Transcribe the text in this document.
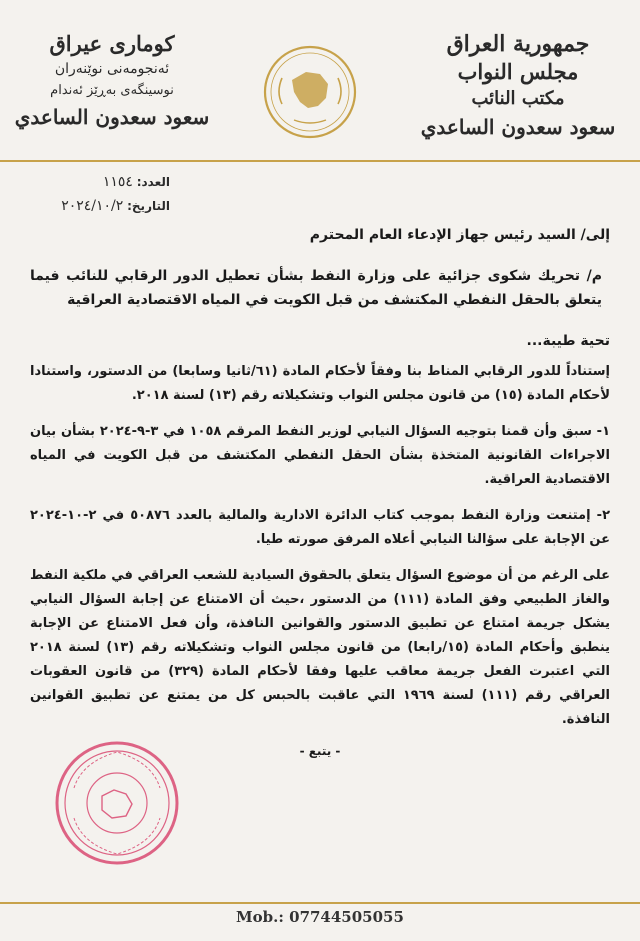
جمهورية العراق
مجلس النواب
مكتب النائب
سعود سعدون الساعدي
كوماری عیراق
ئه‌نجومه‌نی نوێنه‌ران
نوسینگه‌ی به‌ڕێز ئه‌ندام
سعود سعدون الساعدي
العدد: ١١٥٤
التاريخ: ٢٠٢٤/١٠/٢
إلى/ السيد رئيس جهاز الإدعاء العام المحترم
م/ تحريك شكوى جزائية على وزارة النفط بشأن تعطيل الدور الرقابي للنائب فيما يتعلق بالحقل النفطي المكتشف من قبل الكويت في المياه الاقتصادية العراقية
تحية طيبة...
إستناداً للدور الرقابي المناط بنا وفقاً لأحكام المادة (٦١/ثانيا وسابعا) من الدستور، واستنادا لأحكام المادة (١٥) من قانون مجلس النواب وتشكيلاته رقم (١٣) لسنة ٢٠١٨.
١- سبق وأن قمنا بتوجيه السؤال النيابي لوزير النفط المرقم ١٠٥٨ في ٣-٩-٢٠٢٤ بشأن بيان الاجراءات القانونية المتخذة بشأن الحقل النفطي المكتشف من قبل الكويت في المياه الاقتصادية العراقية.
٢- إمتنعت وزارة النفط بموجب كتاب الدائرة الادارية والمالية بالعدد ٥٠٨٧٦ في ٢-١٠-٢٠٢٤ عن الإجابة على سؤالنا النيابي أعلاه المرفق صورته طيا.
على الرغم من أن موضوع السؤال يتعلق بالحقوق السيادية للشعب العراقي في ملكية النفط والغاز الطبيعي وفق المادة (١١١) من الدستور ،حيث أن الامتناع عن إجابة السؤال النيابي يشكل جريمة امتناع عن تطبيق الدستور والقوانين النافذة، وأن فعل الامتناع عن الإجابة ينطبق وأحكام المادة (١٥/رابعا) من قانون مجلس النواب وتشكيلاته رقم (١٣) لسنة ٢٠١٨ التي اعتبرت الفعل جريمة معاقب عليها وفقا لأحكام المادة (٣٢٩) من قانون العقوبات العراقي رقم (١١١) لسنة ١٩٦٩ التي عاقبت بالحبس كل من يمتنع عن تطبيق القوانين النافذة.
- يتبع -
Mob.: 07744505055
